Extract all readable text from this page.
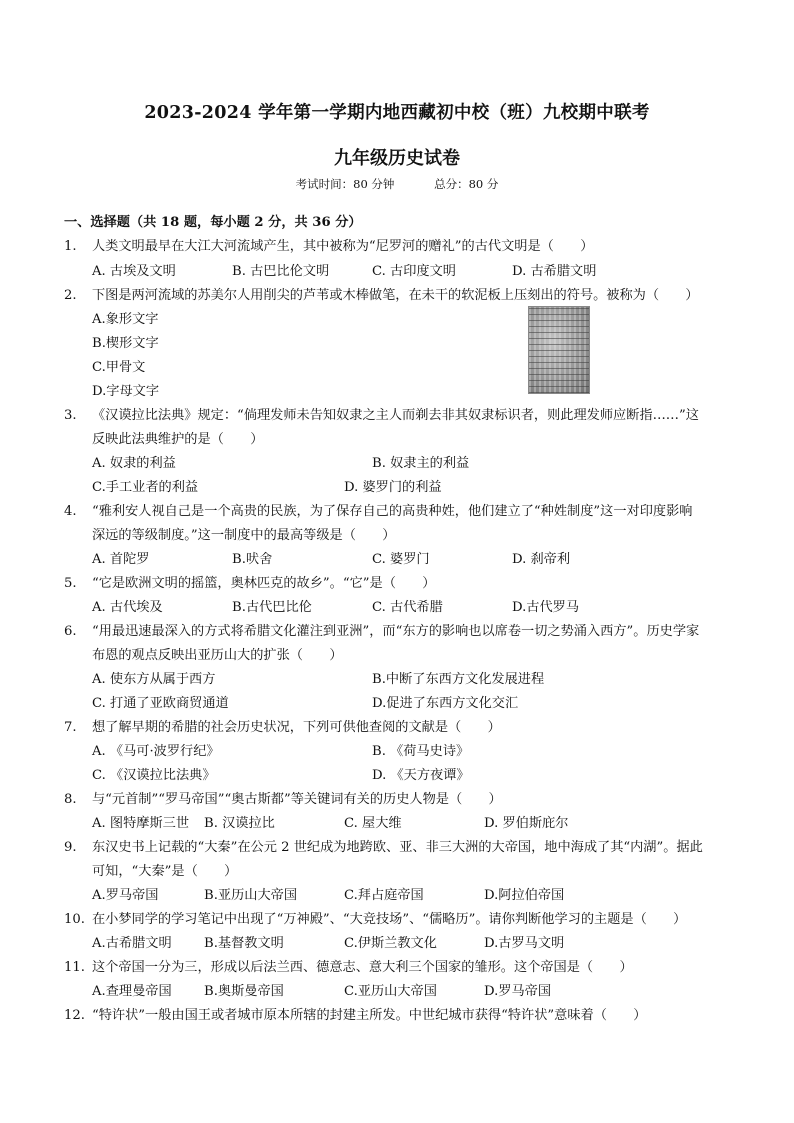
2023-2024 学年第一学期内地西藏初中校（班）九校期中联考
九年级历史试卷
考试时间：80 分钟	总分：80 分
一、选择题（共 18 题，每小题 2 分，共 36 分）
1. 人类文明最早在大江大河流域产生，其中被称为“尼罗河的赠礼”的古代文明是（　　）
A. 古埃及文明	B. 古巴比伦文明	C. 古印度文明	D. 古希腊文明
2. 下图是两河流域的苏美尔人用削尖的芦苇或木棒做笔，在未干的软泥板上压刻出的符号。被称为（　　）
A.象形文字
B.楔形文字
C.甲骨文
D.字母文字
3. 《汉谟拉比法典》规定：“倘理发师未告知奴隶之主人而剃去非其奴隶标识者，则此理发师应断指……”这
反映此法典维护的是（　　）
A. 奴隶的利益	B. 奴隶主的利益
C.手工业者的利益	D. 婆罗门的利益
4. “雅利安人视自己是一个高贵的民族，为了保存自己的高贵种姓，他们建立了“种姓制度”这一对印度影响
深远的等级制度。”这一制度中的最高等级是（　　）
A. 首陀罗	B.吠舍	C. 婆罗门	D. 刹帝利
5. “它是欧洲文明的摇篮，奥林匹克的故乡”。“它”是（　　）
A. 古代埃及	B.古代巴比伦	C. 古代希腊	D.古代罗马
6. “用最迅速最深入的方式将希腊文化灌注到亚洲”，而“东方的影响也以席卷一切之势涌入西方”。历史学家
布恩的观点反映出亚历山大的扩张（　　）
A. 使东方从属于西方	B.中断了东西方文化发展进程
C. 打通了亚欧商贸通道	D.促进了东西方文化交汇
7. 想了解早期的希腊的社会历史状况，下列可供他查阅的文献是（　　）
A. 《马可·波罗行纪》	B. 《荷马史诗》
C. 《汉谟拉比法典》	D. 《天方夜谭》
8. 与“元首制”“罗马帝国”“奥古斯都”等关键词有关的历史人物是（　　）
A. 图特摩斯三世 B. 汉谟拉比	C. 屋大维	D. 罗伯斯庇尔
9. 东汉史书上记载的“大秦”在公元 2 世纪成为地跨欧、亚、非三大洲的大帝国，地中海成了其“内湖”。据此
可知，“大秦”是（　　）
A.罗马帝国	B.亚历山大帝国	C.拜占庭帝国	D.阿拉伯帝国
10. 在小梦同学的学习笔记中出现了“万神殿”、“大竞技场”、“儒略历”。请你判断他学习的主题是（　　）
A.古希腊文明 B.基督教文明	C.伊斯兰教文化	D.古罗马文明
11. 这个帝国一分为三，形成以后法兰西、德意志、意大利三个国家的雏形。这个帝国是（　　）
A.查理曼帝国 B.奥斯曼帝国	C.亚历山大帝国	D.罗马帝国
12. “特许状”一般由国王或者城市原本所辖的封建主所发。中世纪城市获得“特许状”意味着（　　）
